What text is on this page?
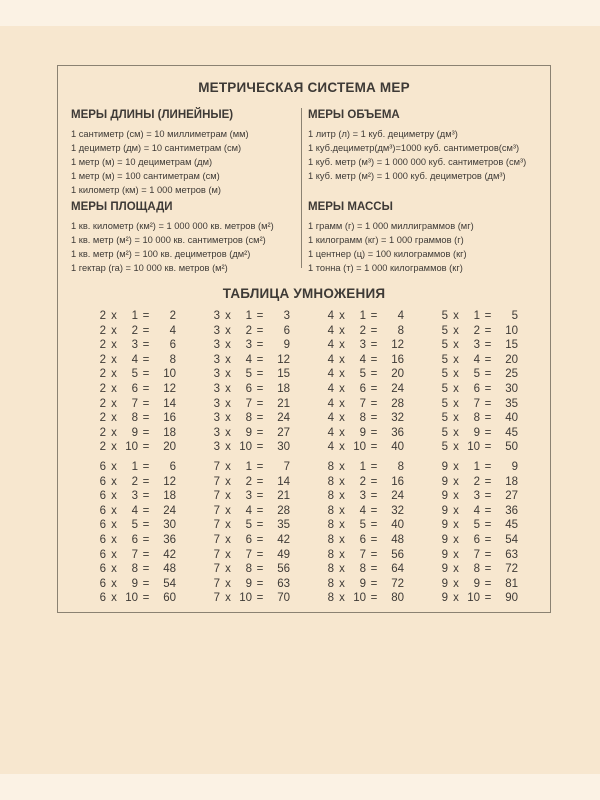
МЕТРИЧЕСКАЯ СИСТЕМА МЕР
МЕРЫ ДЛИНЫ (ЛИНЕЙНЫЕ)
1 сантиметр (см) = 10 миллиметрам (мм)
1 дециметр (дм) = 10 сантиметрам (см)
1 метр (м) = 10 дециметрам (дм)
1 метр (м) = 100 сантиметрам (см)
1 километр (км) = 1 000 метров (м)
МЕРЫ ОБЪЕМА
1 литр (л) = 1 куб. дециметру (дм³)
1 куб.дециметр(дм³)=1000 куб. сантиметров(см³)
1 куб. метр (м³) = 1 000 000 куб. сантиметров (см³)
1 куб. метр (м²) = 1 000 куб. дециметров (дм³)
МЕРЫ ПЛОЩАДИ
1 кв. километр (км²) = 1 000 000 кв. метров (м²)
1 кв. метр (м²) = 10 000 кв. сантиметров (см²)
1 кв. метр (м²) = 100 кв. дециметров (дм²)
1 гектар (га) = 10 000 кв. метров (м²)
МЕРЫ МАССЫ
1 грамм (г) = 1 000 миллиграммов (мг)
1 килограмм (кг) = 1 000 граммов (г)
1 центнер (ц) = 100 килограммов (кг)
1 тонна (т) = 1 000 килограммов (кг)
ТАБЛИЦА УМНОЖЕНИЯ
2 x 1 = 2
2 x 2 = 4
2 x 3 = 6
2 x 4 = 8
2 x 5 = 10
2 x 6 = 12
2 x 7 = 14
2 x 8 = 16
2 x 9 = 18
2 x 10 = 20
3 x 1 = 3
3 x 2 = 6
3 x 3 = 9
3 x 4 = 12
3 x 5 = 15
3 x 6 = 18
3 x 7 = 21
3 x 8 = 24
3 x 9 = 27
3 x 10 = 30
4 x 1 = 4
4 x 2 = 8
4 x 3 = 12
4 x 4 = 16
4 x 5 = 20
4 x 6 = 24
4 x 7 = 28
4 x 8 = 32
4 x 9 = 36
4 x 10 = 40
5 x 1 = 5
5 x 2 = 10
5 x 3 = 15
5 x 4 = 20
5 x 5 = 25
5 x 6 = 30
5 x 7 = 35
5 x 8 = 40
5 x 9 = 45
5 x 10 = 50
6 x 1 = 6
6 x 2 = 12
6 x 3 = 18
6 x 4 = 24
6 x 5 = 30
6 x 6 = 36
6 x 7 = 42
6 x 8 = 48
6 x 9 = 54
6 x 10 = 60
7 x 1 = 7
7 x 2 = 14
7 x 3 = 21
7 x 4 = 28
7 x 5 = 35
7 x 6 = 42
7 x 7 = 49
7 x 8 = 56
7 x 9 = 63
7 x 10 = 70
8 x 1 = 8
8 x 2 = 16
8 x 3 = 24
8 x 4 = 32
8 x 5 = 40
8 x 6 = 48
8 x 7 = 56
8 x 8 = 64
8 x 9 = 72
8 x 10 = 80
9 x 1 = 9
9 x 2 = 18
9 x 3 = 27
9 x 4 = 36
9 x 5 = 45
9 x 6 = 54
9 x 7 = 63
9 x 8 = 72
9 x 9 = 81
9 x 10 = 90
